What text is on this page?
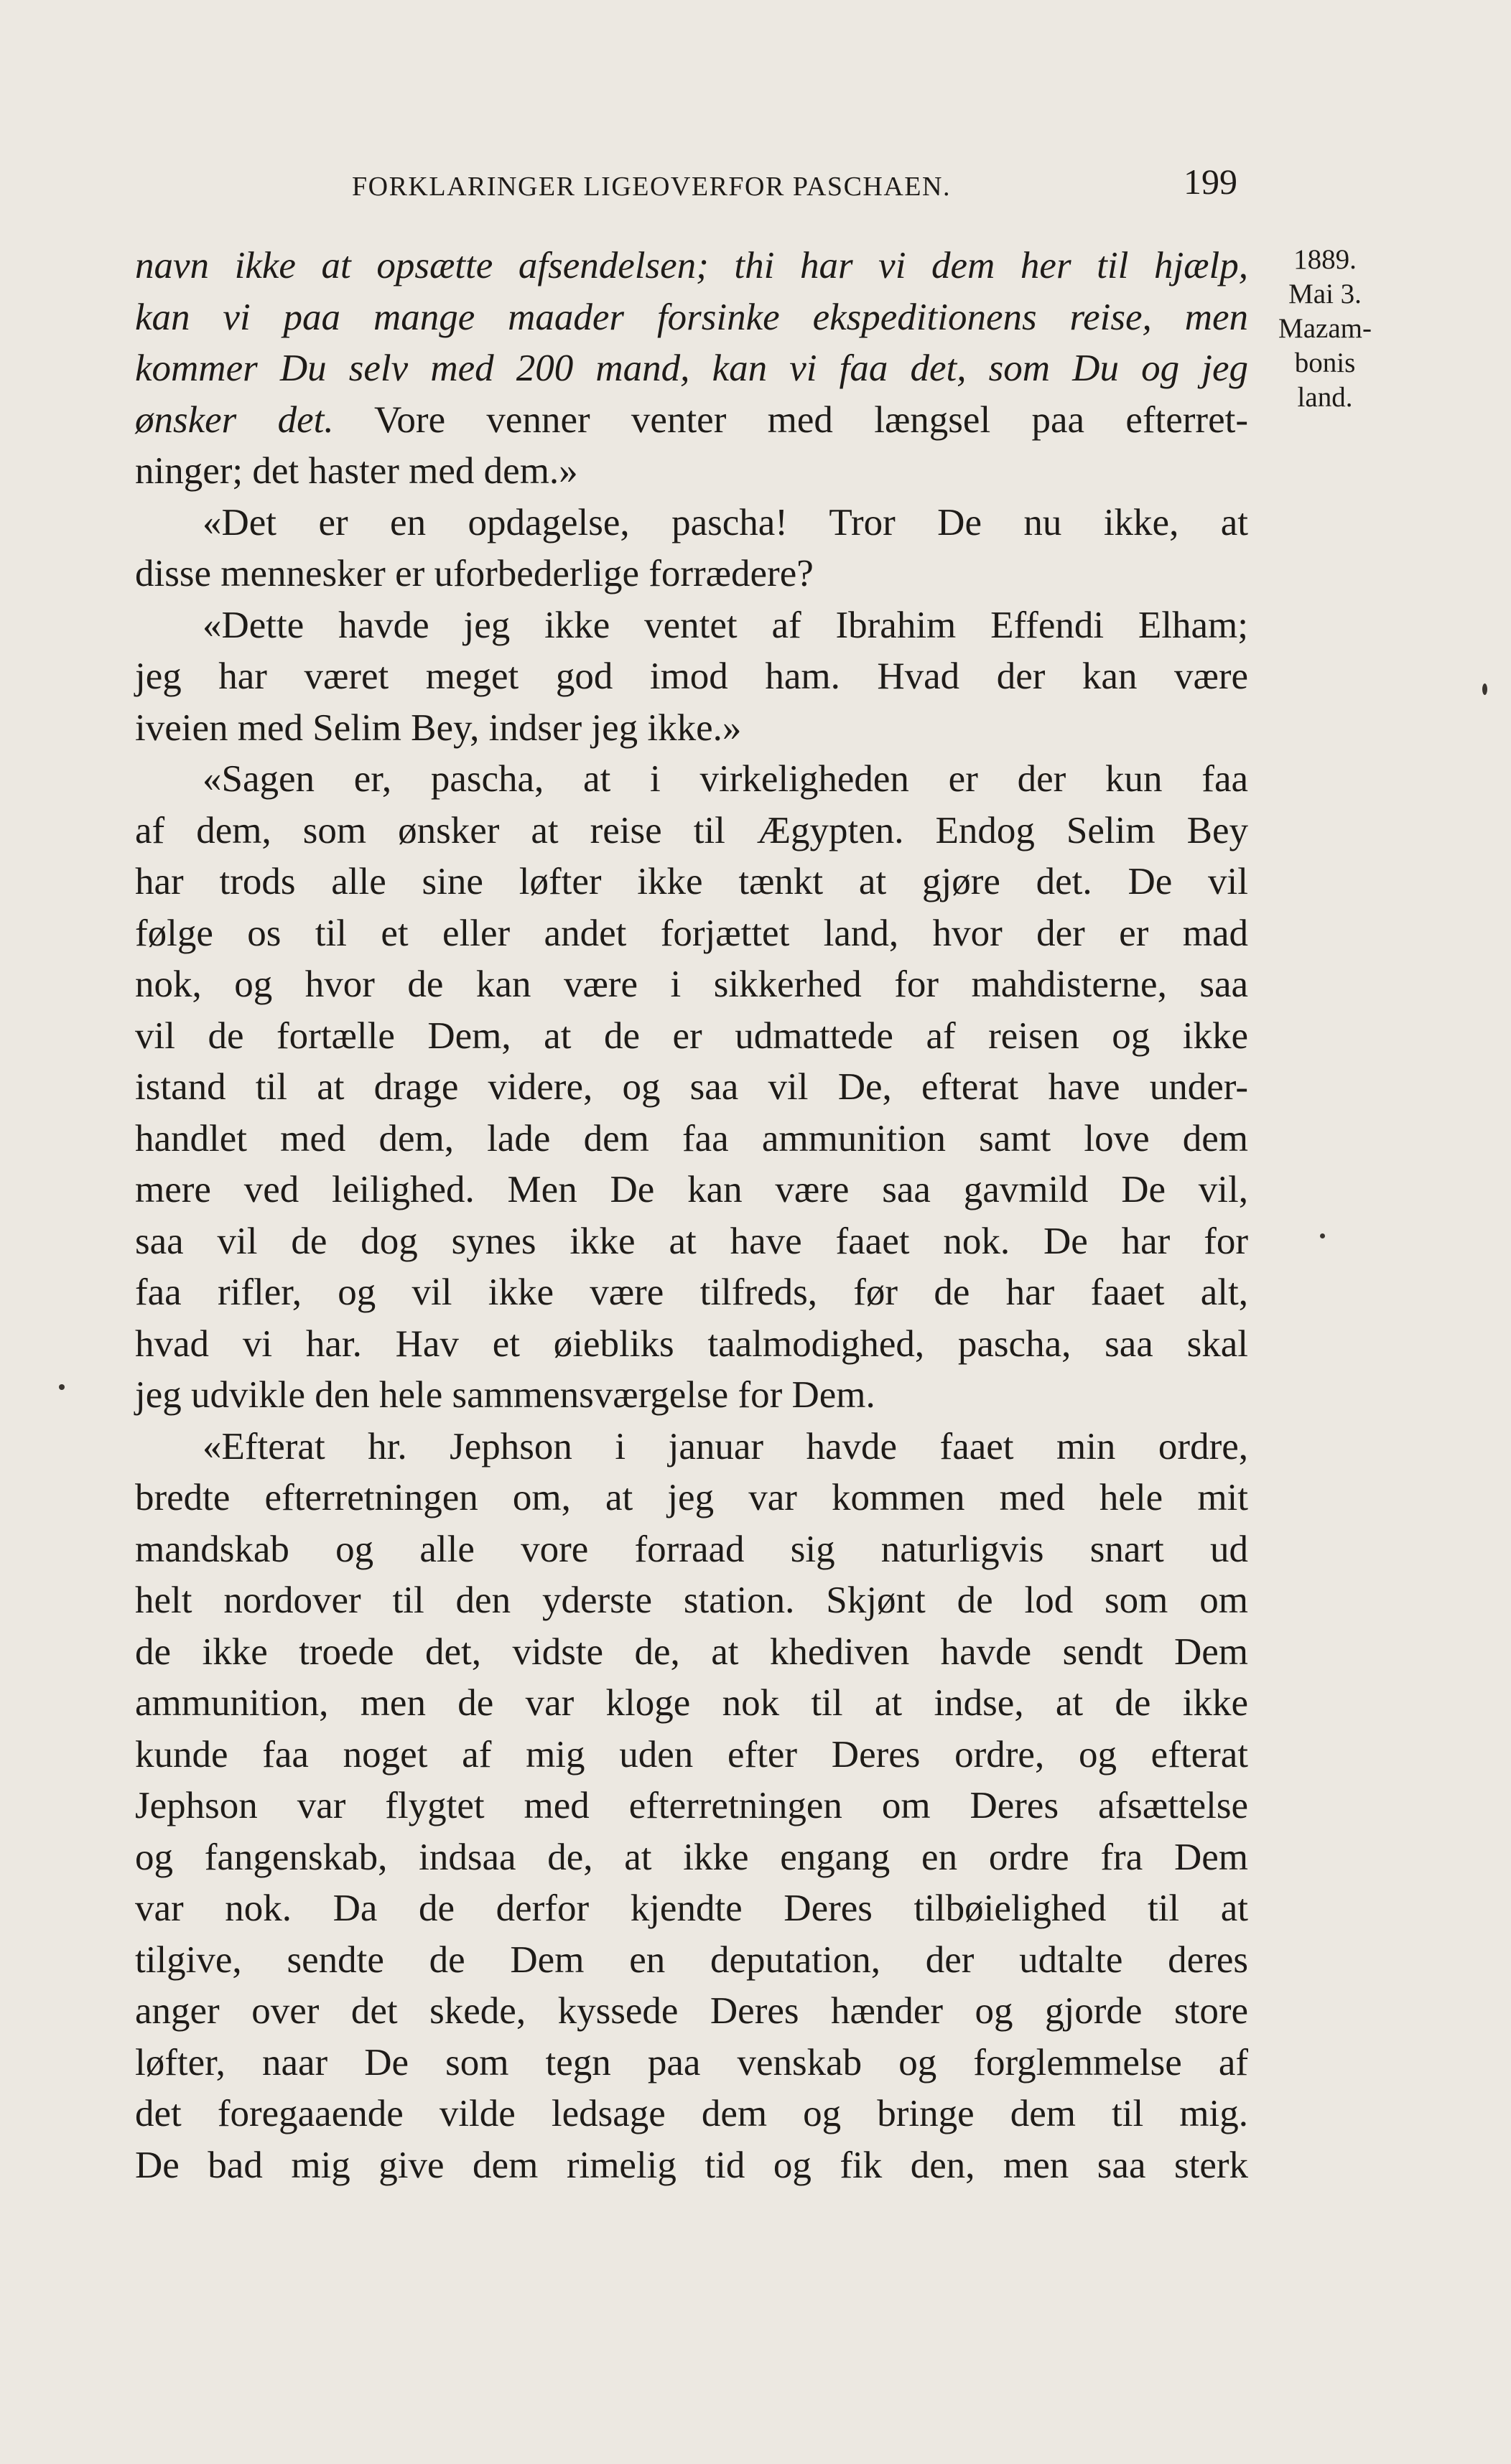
FORKLARINGER LIGEOVERFOR PASCHAEN.	199
1889.
Mai 3.
Mazam-
bonis
land.
navn ikke at opsætte afsendelsen; thi har vi dem her til hjælp,
kan vi paa mange maader forsinke ekspeditionens reise, men
kommer Du selv med 200 mand, kan vi faa det, som Du og jeg
ønsker det. Vore venner venter med længsel paa efterret-
ninger; det haster med dem.»
«Det er en opdagelse, pascha! Tror De nu ikke, at
disse mennesker er uforbederlige forrædere?
«Dette havde jeg ikke ventet af Ibrahim Effendi Elham;
jeg har været meget god imod ham. Hvad der kan være
iveien med Selim Bey, indser jeg ikke.»
«Sagen er, pascha, at i virkeligheden er der kun faa
af dem, som ønsker at reise til Ægypten. Endog Selim Bey
har trods alle sine løfter ikke tænkt at gjøre det. De vil
følge os til et eller andet forjættet land, hvor der er mad
nok, og hvor de kan være i sikkerhed for mahdisterne, saa
vil de fortælle Dem, at de er udmattede af reisen og ikke
istand til at drage videre, og saa vil De, efterat have under-
handlet med dem, lade dem faa ammunition samt love dem
mere ved leilighed. Men De kan være saa gavmild De vil,
saa vil de dog synes ikke at have faaet nok. De har for
faa rifler, og vil ikke være tilfreds, før de har faaet alt,
hvad vi har. Hav et øiebliks taalmodighed, pascha, saa skal
jeg udvikle den hele sammensværgelse for Dem.
«Efterat hr. Jephson i januar havde faaet min ordre,
bredte efterretningen om, at jeg var kommen med hele mit
mandskab og alle vore forraad sig naturligvis snart ud
helt nordover til den yderste station. Skjønt de lod som om
de ikke troede det, vidste de, at khediven havde sendt Dem
ammunition, men de var kloge nok til at indse, at de ikke
kunde faa noget af mig uden efter Deres ordre, og efterat
Jephson var flygtet med efterretningen om Deres afsættelse
og fangenskab, indsaa de, at ikke engang en ordre fra Dem
var nok. Da de derfor kjendte Deres tilbøielighed til at
tilgive, sendte de Dem en deputation, der udtalte deres
anger over det skede, kyssede Deres hænder og gjorde store
løfter, naar De som tegn paa venskab og forglemmelse af
det foregaaende vilde ledsage dem og bringe dem til mig.
De bad mig give dem rimelig tid og fik den, men saa sterk
